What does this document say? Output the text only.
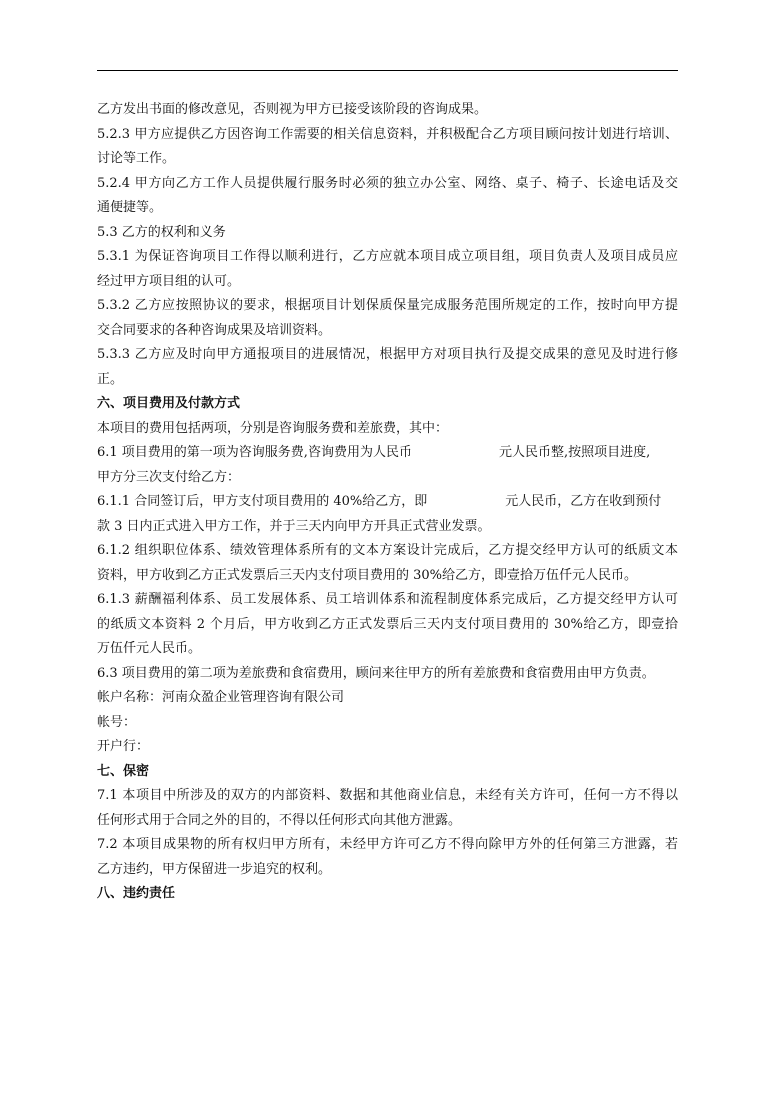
乙方发出书面的修改意见，否则视为甲方已接受该阶段的咨询成果。
5.2.3 甲方应提供乙方因咨询工作需要的相关信息资料，并积极配合乙方项目顾问按计划进行培训、
讨论等工作。
5.2.4 甲方向乙方工作人员提供履行服务时必须的独立办公室、网络、桌子、椅子、长途电话及交
通便捷等。
5.3 乙方的权利和义务
5.3.1 为保证咨询项目工作得以顺利进行，乙方应就本项目成立项目组，项目负责人及项目成员应
经过甲方项目组的认可。
5.3.2 乙方应按照协议的要求，根据项目计划保质保量完成服务范围所规定的工作，按时向甲方提
交合同要求的各种咨询成果及培训资料。
5.3.3 乙方应及时向甲方通报项目的进展情况，根据甲方对项目执行及提交成果的意见及时进行修
正。
六、项目费用及付款方式
本项目的费用包括两项，分别是咨询服务费和差旅费，其中：
6.1 项目费用的第一项为咨询服务费,咨询费用为人民币	元人民币整,按照项目进度,
甲方分三次支付给乙方：
6.1.1 合同签订后，甲方支付项目费用的 40%给乙方，即	元人民币，乙方在收到预付
款 3 日内正式进入甲方工作，并于三天内向甲方开具正式营业发票。
6.1.2 组织职位体系、绩效管理体系所有的文本方案设计完成后，乙方提交经甲方认可的纸质文本
资料，甲方收到乙方正式发票后三天内支付项目费用的 30%给乙方，即壹拾万伍仟元人民币。
6.1.3 薪酬福利体系、员工发展体系、员工培训体系和流程制度体系完成后，乙方提交经甲方认可
的纸质文本资料 2 个月后，甲方收到乙方正式发票后三天内支付项目费用的 30%给乙方，即壹拾
万伍仟元人民币。
6.3 项目费用的第二项为差旅费和食宿费用，顾问来往甲方的所有差旅费和食宿费用由甲方负责。
帐户名称：河南众盈企业管理咨询有限公司
帐号：
开户行：
七、保密
7.1 本项目中所涉及的双方的内部资料、数据和其他商业信息，未经有关方许可，任何一方不得以
任何形式用于合同之外的目的，不得以任何形式向其他方泄露。
7.2 本项目成果物的所有权归甲方所有，未经甲方许可乙方不得向除甲方外的任何第三方泄露，若
乙方违约，甲方保留进一步追究的权利。
八、违约责任
